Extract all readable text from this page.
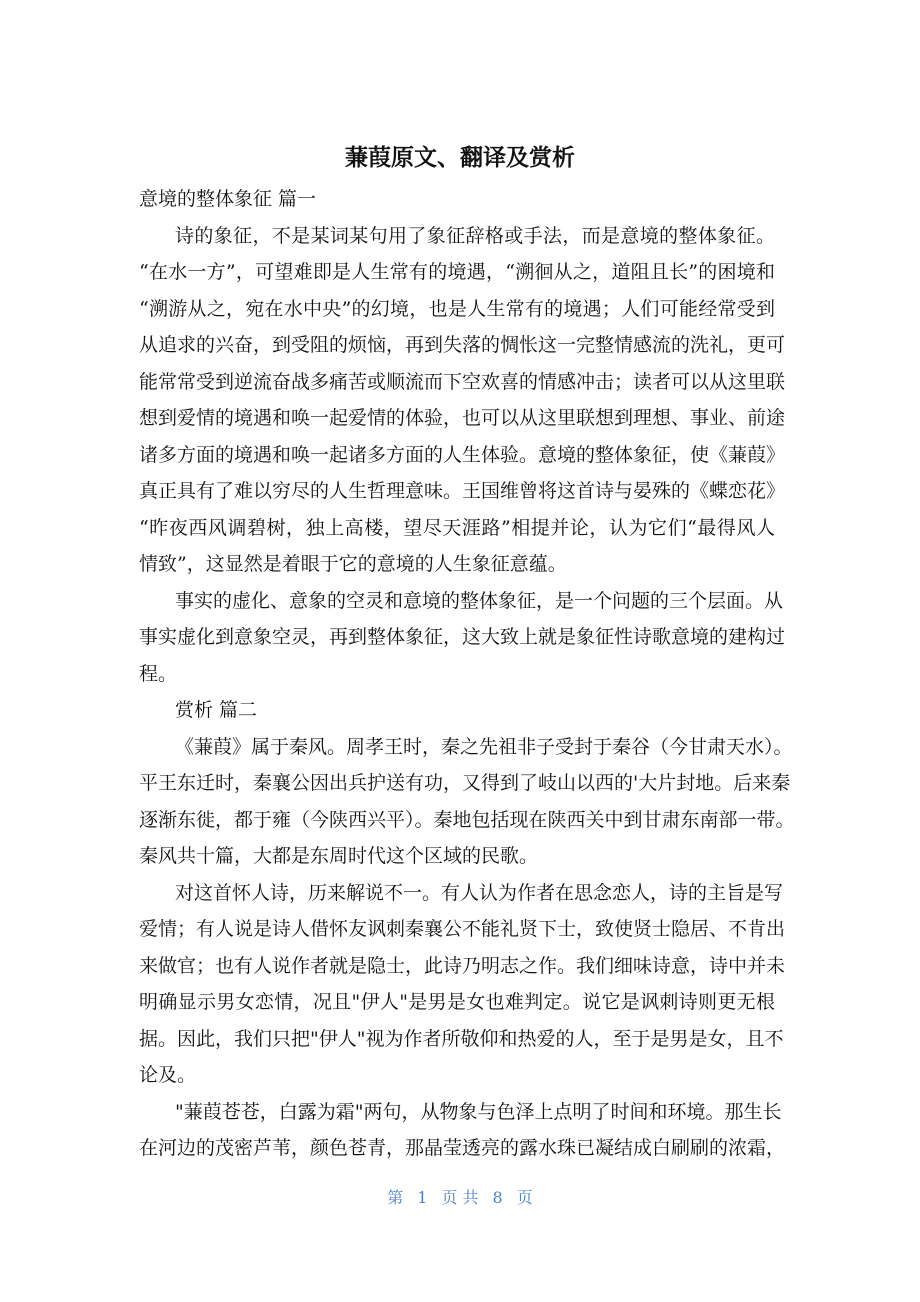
蒹葭原文、翻译及赏析
意境的整体象征 篇一
诗的象征，不是某词某句用了象征辞格或手法，而是意境的整体象征。
“在水一方”，可望难即是人生常有的境遇，“溯徊从之，道阻且长”的困境和
“溯游从之，宛在水中央”的幻境，也是人生常有的境遇；人们可能经常受到
从追求的兴奋，到受阻的烦恼，再到失落的惆怅这一完整情感流的洗礼，更可
能常常受到逆流奋战多痛苦或顺流而下空欢喜的情感冲击；读者可以从这里联
想到爱情的境遇和唤一起爱情的体验，也可以从这里联想到理想、事业、前途
诸多方面的境遇和唤一起诸多方面的人生体验。意境的整体象征，使《蒹葭》
真正具有了难以穷尽的人生哲理意味。王国维曾将这首诗与晏殊的《蝶恋花》
“昨夜西风调碧树，独上高楼，望尽天涯路”相提并论，认为它们“最得风人
情致”，这显然是着眼于它的意境的人生象征意蕴。
事实的虚化、意象的空灵和意境的整体象征，是一个问题的三个层面。从
事实虚化到意象空灵，再到整体象征，这大致上就是象征性诗歌意境的建构过
程。
赏析 篇二
《蒹葭》属于秦风。周孝王时，秦之先祖非子受封于秦谷（今甘肃天水）。
平王东迁时，秦襄公因出兵护送有功，又得到了岐山以西的'大片封地。后来秦
逐渐东徙，都于雍（今陕西兴平）。秦地包括现在陕西关中到甘肃东南部一带。
秦风共十篇，大都是东周时代这个区域的民歌。
对这首怀人诗，历来解说不一。有人认为作者在思念恋人，诗的主旨是写
爱情；有人说是诗人借怀友讽刺秦襄公不能礼贤下士，致使贤士隐居、不肯出
来做官；也有人说作者就是隐士，此诗乃明志之作。我们细味诗意，诗中并未
明确显示男女恋情，况且"伊人"是男是女也难判定。说它是讽刺诗则更无根
据。因此，我们只把"伊人"视为作者所敬仰和热爱的人，至于是男是女，且不
论及。
"蒹葭苍苍，白露为霜"两句，从物象与色泽上点明了时间和环境。那生长
在河边的茂密芦苇，颜色苍青，那晶莹透亮的露水珠已凝结成白刷刷的浓霜，
第 1 页 共 8 页
